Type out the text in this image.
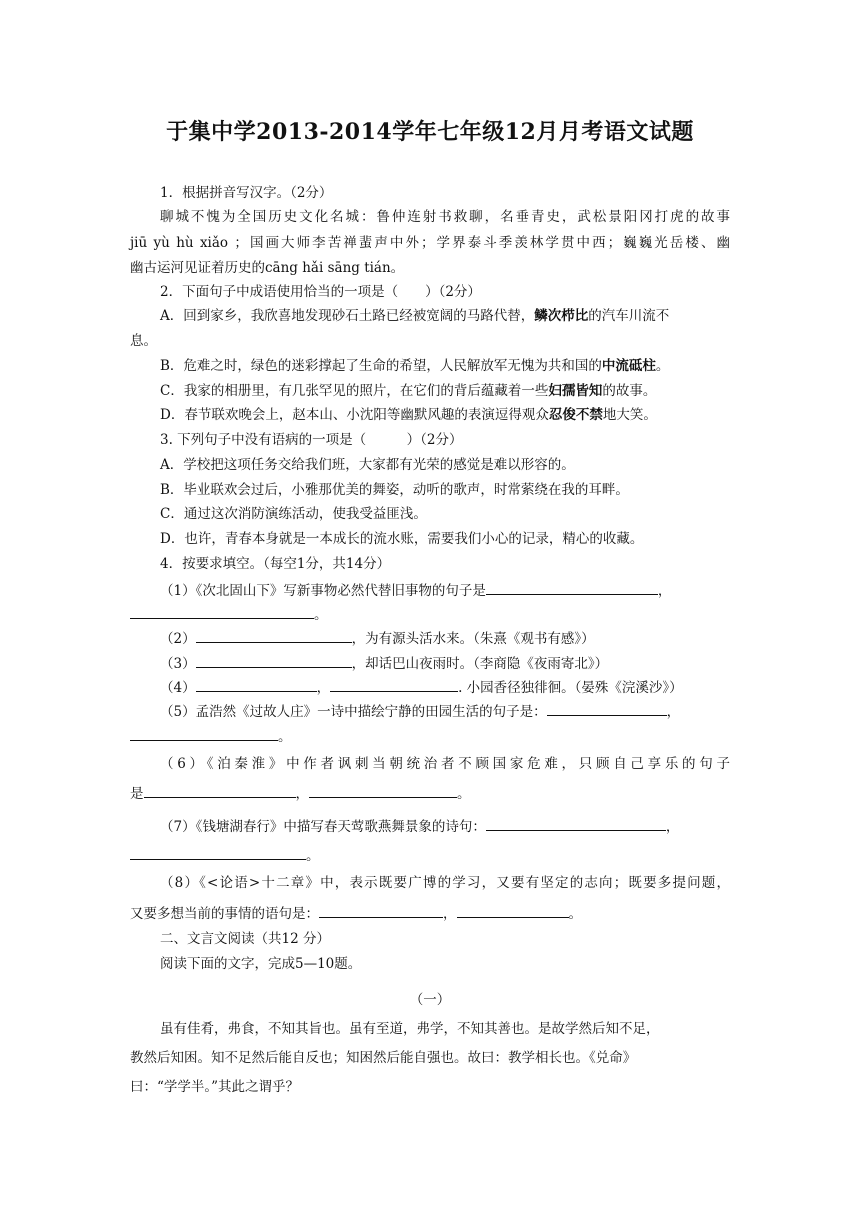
于集中学2013-2014学年七年级12月月考语文试题
1．根据拼音写汉字。（2分）
聊城不愧为全国历史文化名城：鲁仲连射书救聊，名垂青史，武松景阳冈打虎的故事
jiū yù hù xiǎo ；国画大师李苦禅蜚声中外；学界泰斗季羡林学贯中西；巍巍光岳楼、幽
幽古运河见证着历史的cāng hǎi sāng tián。
2．下面句子中成语使用恰当的一项是（　　）（2分）
A．回到家乡，我欣喜地发现砂石土路已经被宽阔的马路代替，鳞次栉比的汽车川流不
息。
B．危难之时，绿色的迷彩撑起了生命的希望，人民解放军无愧为共和国的中流砥柱。
C．我家的相册里，有几张罕见的照片，在它们的背后蕴藏着一些妇孺皆知的故事。
D．春节联欢晚会上，赵本山、小沈阳等幽默风趣的表演逗得观众忍俊不禁地大笑。
3. 下列句子中没有语病的一项是（　　　）（2分）
A．学校把这项任务交给我们班，大家都有光荣的感觉是难以形容的。
B．毕业联欢会过后，小雅那优美的舞姿，动听的歌声，时常萦绕在我的耳畔。
C．通过这次消防演练活动，使我受益匪浅。
D．也许，青春本身就是一本成长的流水账，需要我们小心的记录，精心的收藏。
4．按要求填空。（每空1分，共14分）
（1）《次北固山下》写新事物必然代替旧事物的句子是	，
。
（2）	，为有源头活水来。（朱熹《观书有感》）
（3）	，却话巴山夜雨时。（李商隐《夜雨寄北》）
（4）	，	. 小园香径独徘徊。（晏殊《浣溪沙》）
（5）孟浩然《过故人庄》一诗中描绘宁静的田园生活的句子是：	，
。
（6）《泊秦淮》中作者讽刺当朝统治者不顾国家危难，只顾自己享乐的句子
是	，	。
（7）《钱塘湖春行》中描写春天莺歌燕舞景象的诗句：	，
。
（8）《<论语>十二章》中，表示既要广博的学习，又要有坚定的志向；既要多提问题，
又要多想当前的事情的语句是：	，	。
二、文言文阅读（共12 分）
阅读下面的文字，完成5—10题。
（一）
虽有佳肴，弗食，不知其旨也。虽有至道，弗学，不知其善也。是故学然后知不足，
教然后知困。知不足然后能自反也；知困然后能自强也。故曰：教学相长也。《兑命》
曰：“学学半。”其此之谓乎？
